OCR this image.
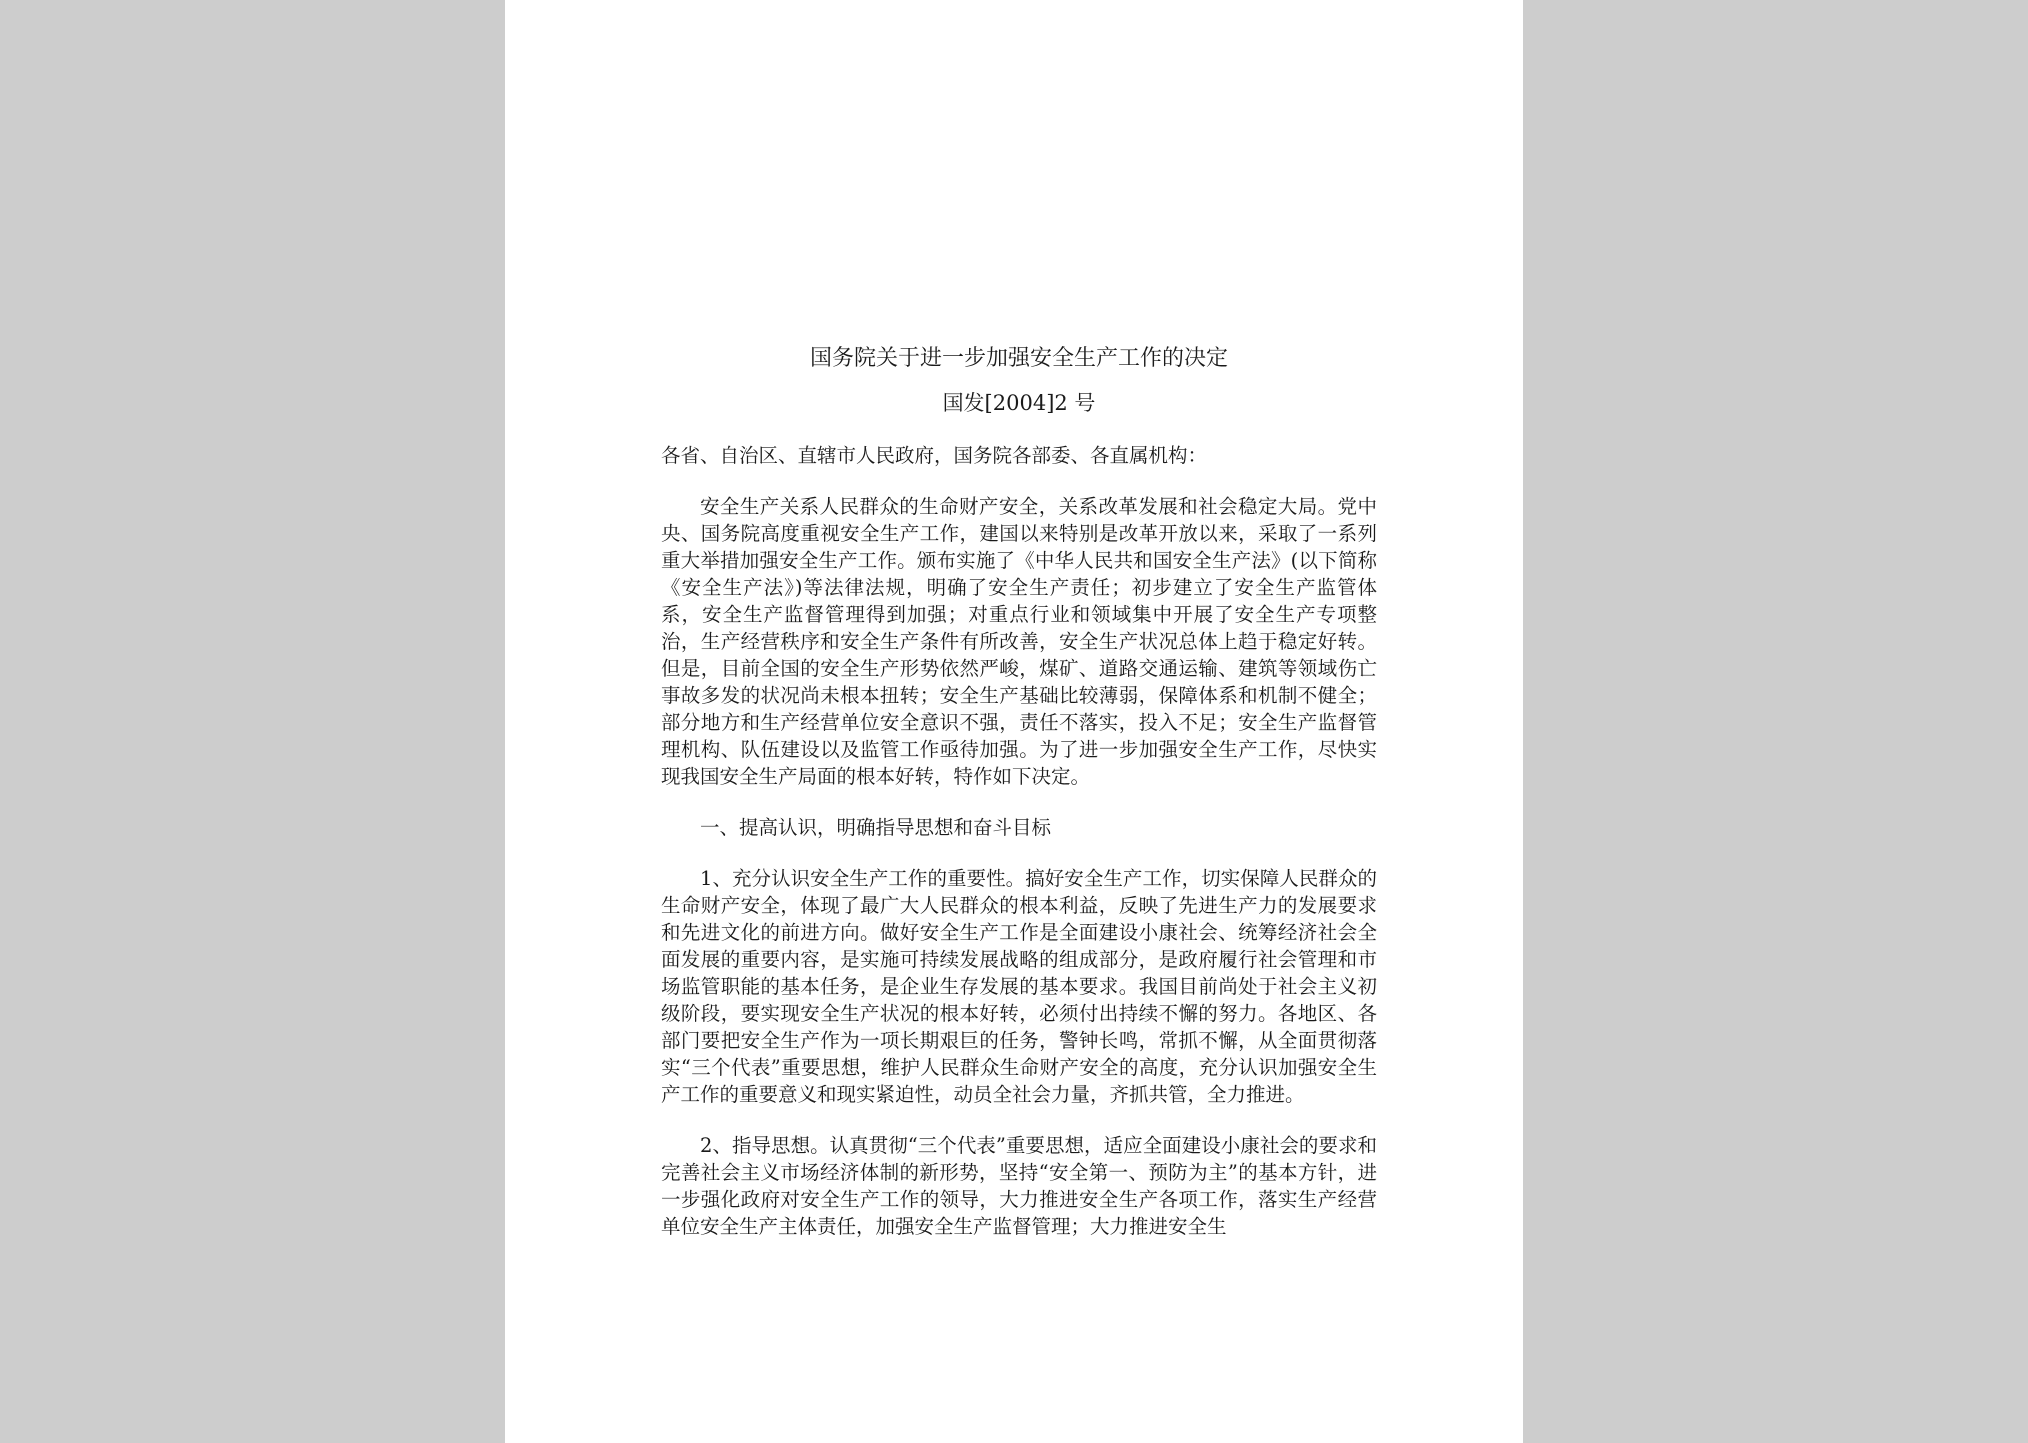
国务院关于进一步加强安全生产工作的决定
国发[2004]2 号
各省、自治区、直辖市人民政府，国务院各部委、各直属机构：
安全生产关系人民群众的生命财产安全，关系改革发展和社会稳定大局。党中央、国务院高度重视安全生产工作，建国以来特别是改革开放以来，采取了一系列重大举措加强安全生产工作。颁布实施了《中华人民共和国安全生产法》(以下简称《安全生产法》)等法律法规，明确了安全生产责任；初步建立了安全生产监管体系，安全生产监督管理得到加强；对重点行业和领域集中开展了安全生产专项整治，生产经营秩序和安全生产条件有所改善，安全生产状况总体上趋于稳定好转。但是，目前全国的安全生产形势依然严峻，煤矿、道路交通运输、建筑等领域伤亡事故多发的状况尚未根本扭转；安全生产基础比较薄弱，保障体系和机制不健全；部分地方和生产经营单位安全意识不强，责任不落实，投入不足；安全生产监督管理机构、队伍建设以及监管工作亟待加强。为了进一步加强安全生产工作，尽快实现我国安全生产局面的根本好转，特作如下决定。
一、提高认识，明确指导思想和奋斗目标
1、充分认识安全生产工作的重要性。搞好安全生产工作，切实保障人民群众的生命财产安全，体现了最广大人民群众的根本利益，反映了先进生产力的发展要求和先进文化的前进方向。做好安全生产工作是全面建设小康社会、统筹经济社会全面发展的重要内容，是实施可持续发展战略的组成部分，是政府履行社会管理和市场监管职能的基本任务，是企业生存发展的基本要求。我国目前尚处于社会主义初级阶段，要实现安全生产状况的根本好转，必须付出持续不懈的努力。各地区、各部门要把安全生产作为一项长期艰巨的任务，警钟长鸣，常抓不懈，从全面贯彻落实“三个代表”重要思想，维护人民群众生命财产安全的高度，充分认识加强安全生产工作的重要意义和现实紧迫性，动员全社会力量，齐抓共管，全力推进。
2、指导思想。认真贯彻“三个代表”重要思想，适应全面建设小康社会的要求和完善社会主义市场经济体制的新形势，坚持“安全第一、预防为主”的基本方针，进一步强化政府对安全生产工作的领导，大力推进安全生产各项工作，落实生产经营单位安全生产主体责任，加强安全生产监督管理；大力推进安全生
